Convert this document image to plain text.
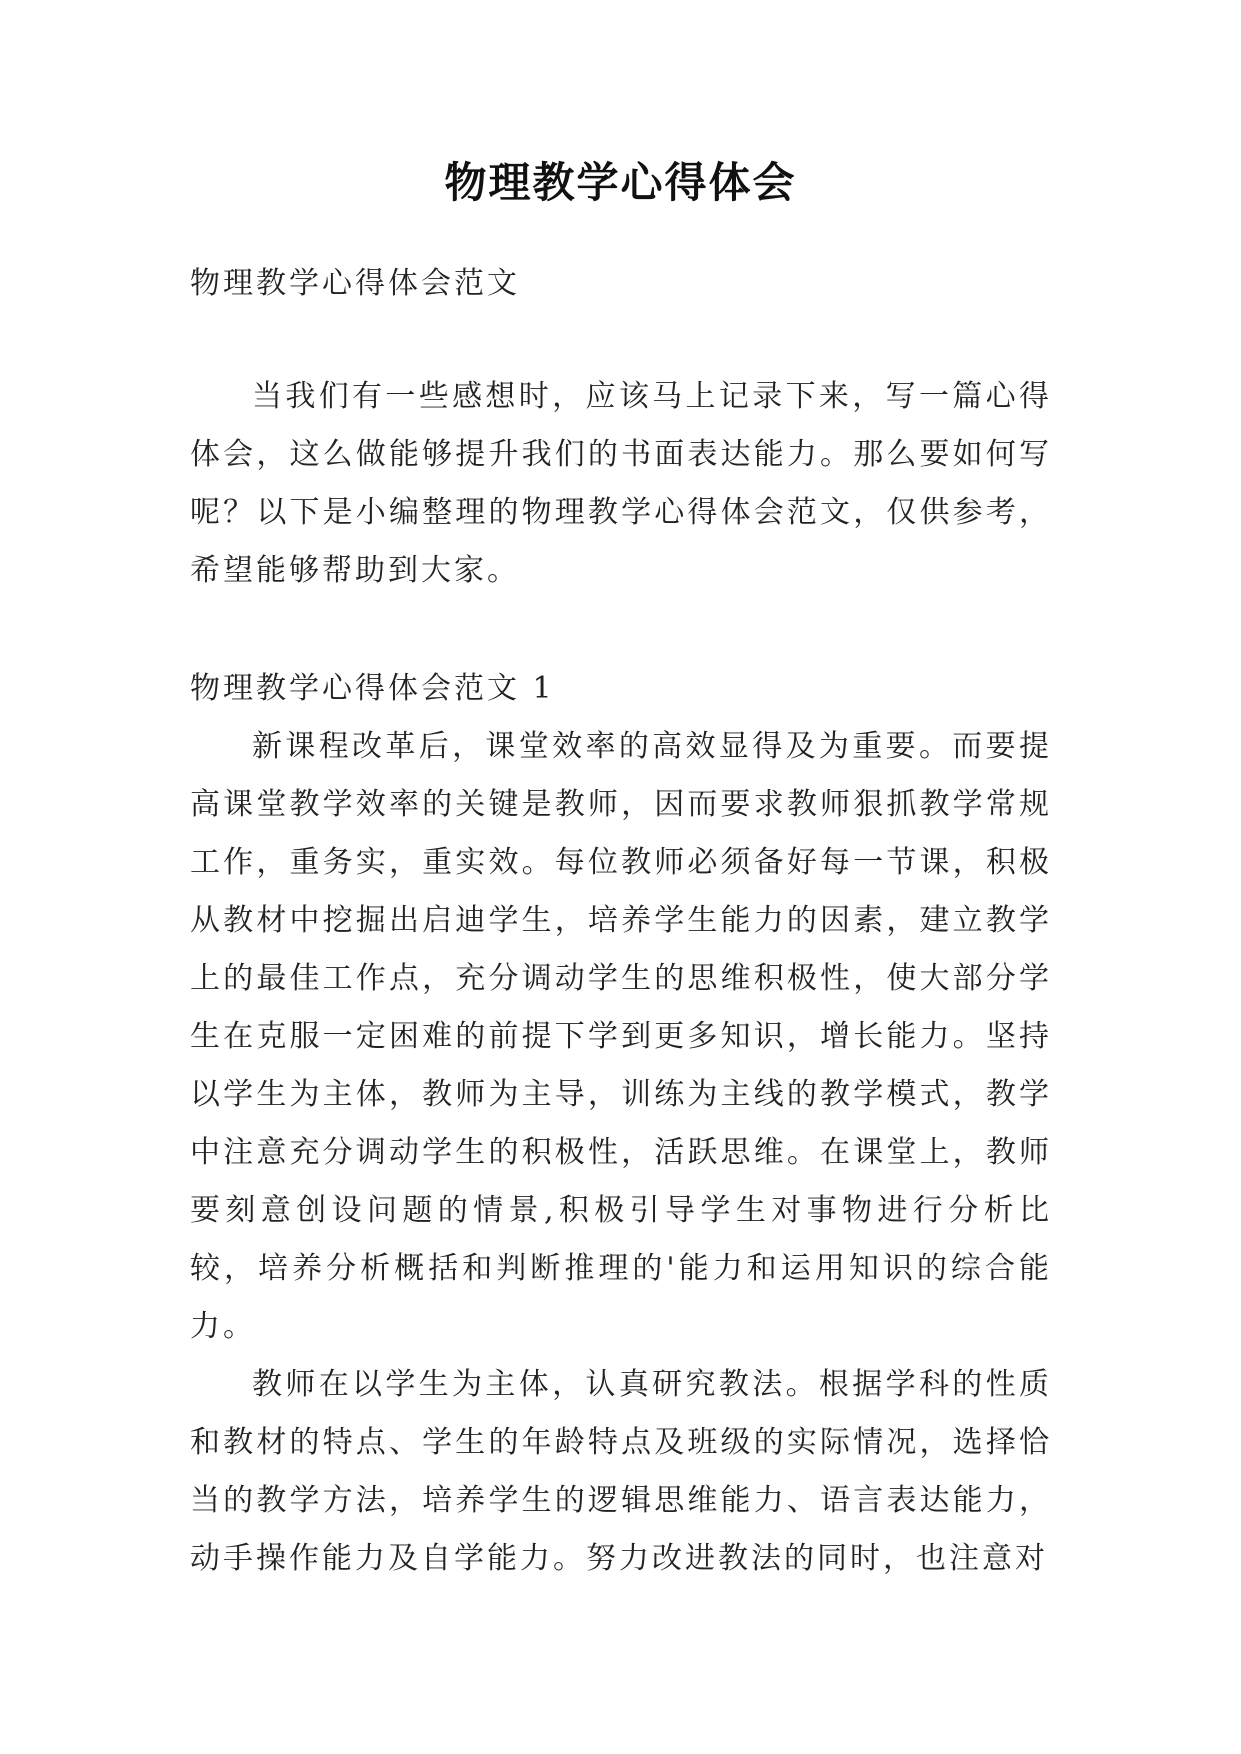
物理教学心得体会

物理教学心得体会范文

当我们有一些感想时，应该马上记录下来，写一篇心得体会，这么做能够提升我们的书面表达能力。那么要如何写呢？以下是小编整理的物理教学心得体会范文，仅供参考，希望能够帮助到大家。

物理教学心得体会范文 1

新课程改革后，课堂效率的高效显得及为重要。而要提高课堂教学效率的关键是教师，因而要求教师狠抓教学常规工作，重务实，重实效。每位教师必须备好每一节课，积极从教材中挖掘出启迪学生，培养学生能力的因素，建立教学上的最佳工作点，充分调动学生的思维积极性，使大部分学生在克服一定困难的前提下学到更多知识，增长能力。坚持以学生为主体，教师为主导，训练为主线的教学模式，教学中注意充分调动学生的积极性，活跃思维。在课堂上，教师要刻意创设问题的情景,积极引导学生对事物进行分析比较，培养分析概括和判断推理的'能力和运用知识的综合能力。

教师在以学生为主体，认真研究教法。根据学科的性质和教材的特点、学生的年龄特点及班级的实际情况，选择恰当的教学方法，培养学生的逻辑思维能力、语言表达能力，动手操作能力及自学能力。努力改进教法的同时，也注意对
